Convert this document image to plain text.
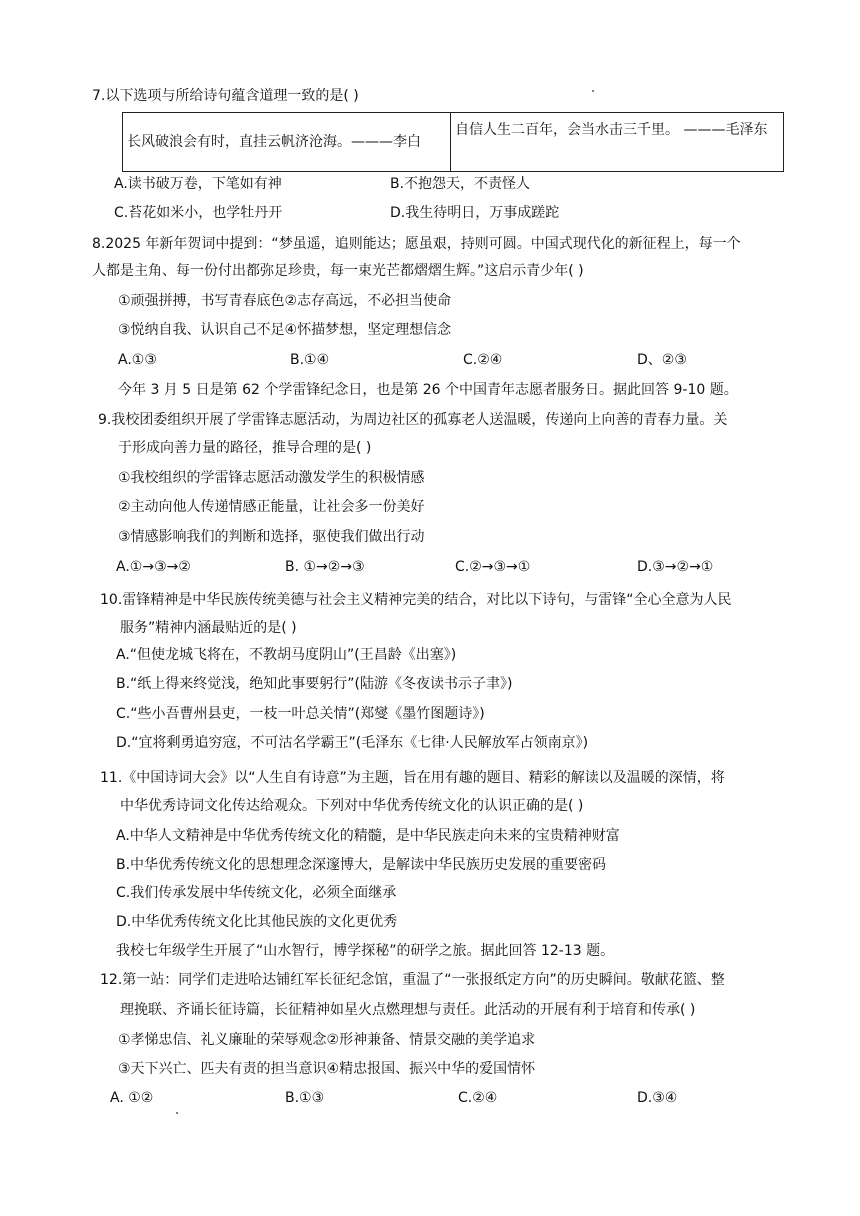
7.以下选项与所给诗句蕴含道理一致的是( )
长风破浪会有时，直挂云帆济沧海。———李白
自信人生二百年，会当水击三千里。 ———毛泽东
A.读书破万卷，下笔如有神	B.不抱怨天，不责怪人
C.苔花如米小，也学牡丹开	D.我生待明日，万事成蹉跎
8.2025 年新年贺词中提到：“梦虽遥，追则能达；愿虽艰，持则可圆。中国式现代化的新征程上，每一个
人都是主角、每一份付出都弥足珍贵，每一束光芒都熠熠生辉。”这启示青少年( )
①顽强拼搏，书写青春底色②志存高远，不必担当使命
③悦纳自我、认识自己不足④怀描梦想，坚定理想信念
A.①③	B.①④	C.②④	D、②③
今年 3 月 5 日是第 62 个学雷锋纪念日，也是第 26 个中国青年志愿者服务日。据此回答 9-10 题。
9.我校团委组织开展了学雷锋志愿活动，为周边社区的孤寡老人送温暖，传递向上向善的青春力量。关
于形成向善力量的路径，推导合理的是( )
①我校组织的学雷锋志愿活动激发学生的积极情感
②主动向他人传递情感正能量，让社会多一份美好
③情感影响我们的判断和选择，驱使我们做出行动
A.①→③→②	B. ①→②→③	C.②→③→①	D.③→②→①
10.雷锋精神是中华民族传统美德与社会主义精神完美的结合，对比以下诗句，与雷锋“全心全意为人民
服务”精神内涵最贴近的是( )
A.“但使龙城飞将在，不教胡马度阴山”(王昌龄《出塞》)
B.“纸上得来终觉浅，绝知此事要躬行”(陆游《冬夜读书示子聿》)
C.“些小吾曹州县吏，一枝一叶总关情”(郑燮《墨竹图题诗》)
D.“宜将剩勇追穷寇，不可沽名学霸王”(毛泽东《七律·人民解放军占领南京》)
11.《中国诗词大会》以“人生自有诗意”为主题，旨在用有趣的题目、精彩的解读以及温暖的深情，将
中华优秀诗词文化传达给观众。下列对中华优秀传统文化的认识正确的是( )
A.中华人文精神是中华优秀传统文化的精髓，是中华民族走向未来的宝贵精神财富
B.中华优秀传统文化的思想理念深邃博大，是解读中华民族历史发展的重要密码
C.我们传承发展中华传统文化，必须全面继承
D.中华优秀传统文化比其他民族的文化更优秀
我校七年级学生开展了“山水智行，博学探秘”的研学之旅。据此回答 12-13 题。
12.第一站：同学们走进哈达铺红军长征纪念馆，重温了“一张报纸定方向”的历史瞬间。敬献花篮、整
理挽联、齐诵长征诗篇，长征精神如星火点燃理想与责任。此活动的开展有利于培育和传承( )
①孝悌忠信、礼义廉耻的荣辱观念②形神兼备、情景交融的美学追求
③天下兴亡、匹夫有责的担当意识④精忠报国、振兴中华的爱国情怀
A. ①②	B.①③	C.②④	D.③④
